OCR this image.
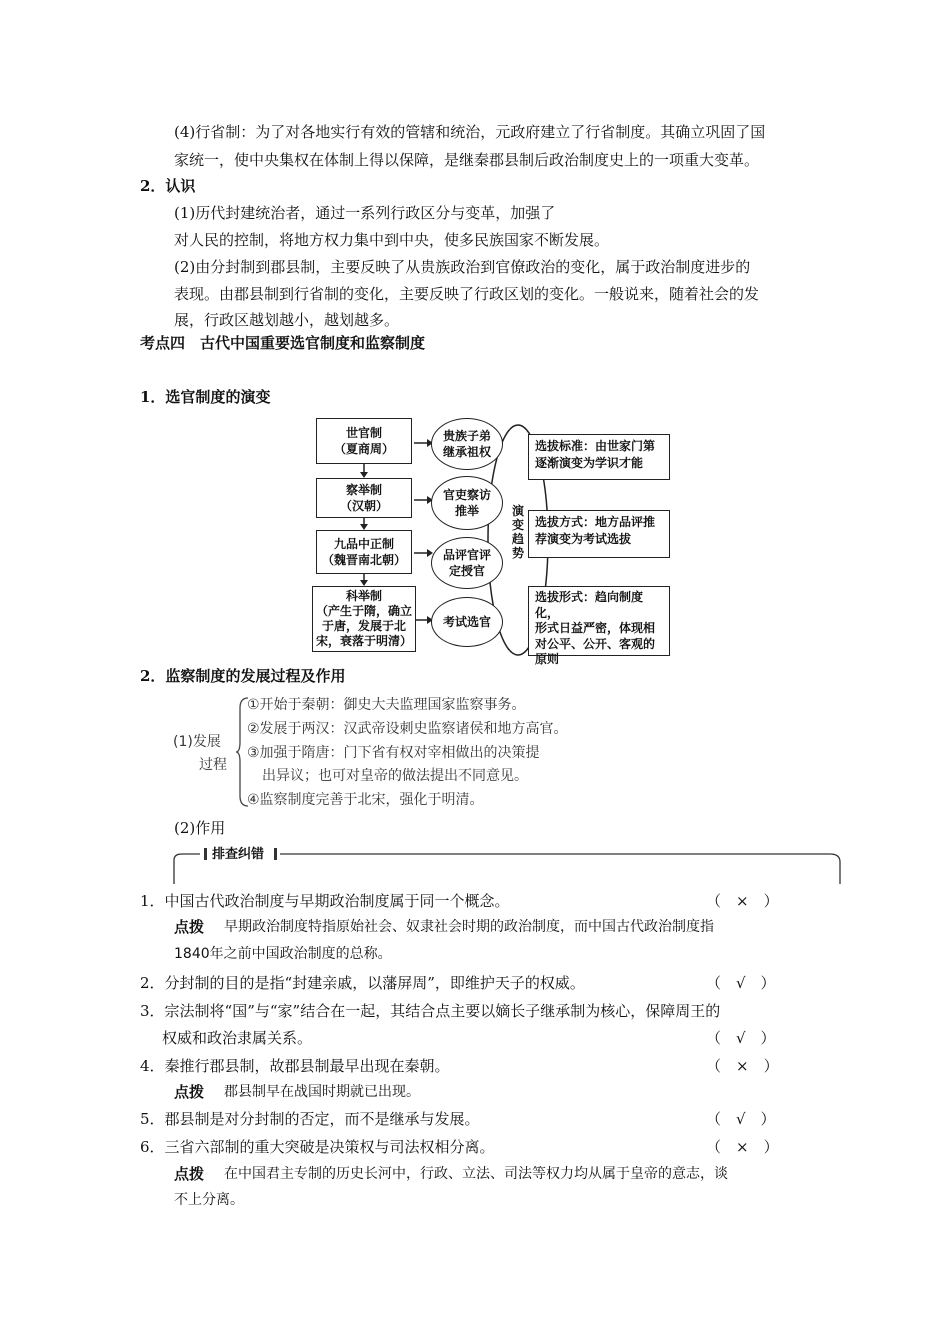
(4)行省制：为了对各地实行有效的管辖和统治，元政府建立了行省制度。其确立巩固了国
家统一，使中央集权在体制上得以保障，是继秦郡县制后政治制度史上的一项重大变革。
2．认识
(1)历代封建统治者，通过一系列行政区分与变革，加强了
对人民的控制，将地方权力集中到中央，使多民族国家不断发展。
(2)由分封制到郡县制，主要反映了从贵族政治到官僚政治的变化，属于政治制度进步的
表现。由郡县制到行省制的变化，主要反映了行政区划的变化。一般说来，随着社会的发
展，行政区越划越小，越划越多。
考点四　古代中国重要选官制度和监察制度
1．选官制度的演变
世官制
（夏商周）
察举制
（汉朝）
九品中正制
（魏晋南北朝）
科举制
（产生于隋，确立
于唐，发展于北
宋，衰落于明清）
贵族子弟
继承祖权
官吏察访
推举
品评官评
定授官
考试选官
演
变
趋
势
选拔标准：由世家门第
逐渐演变为学识才能
选拔方式：地方品评推
荐演变为考试选拔
选拔形式：趋向制度化，
形式日益严密，体现相
对公平、公开、客观的
原则
2．监察制度的发展过程及作用
(1)发展
过程
①开始于秦朝：御史大夫监理国家监察事务。
②发展于两汉：汉武帝设刺史监察诸侯和地方高官。
③加强于隋唐：门下省有权对宰相做出的决策提
出异议；也可对皇帝的做法提出不同意见。
④监察制度完善于北宋，强化于明清。
(2)作用
排查纠错
1．中国古代政治制度与早期政治制度属于同一个概念。	（　×　）
点拨 早期政治制度特指原始社会、奴隶社会时期的政治制度，而中国古代政治制度指
1840年之前中国政治制度的总称。
2．分封制的目的是指“封建亲戚，以藩屏周”，即维护天子的权威。	（　√　）
3．宗法制将“国”与“家”结合在一起，其结合点主要以嫡长子继承制为核心，保障周王的
权威和政治隶属关系。	（　√　）
4．秦推行郡县制，故郡县制最早出现在秦朝。	（　×　）
点拨 郡县制早在战国时期就已出现。
5．郡县制是对分封制的否定，而不是继承与发展。	（　√　）
6．三省六部制的重大突破是决策权与司法权相分离。	（　×　）
点拨 在中国君主专制的历史长河中，行政、立法、司法等权力均从属于皇帝的意志，谈
不上分离。
